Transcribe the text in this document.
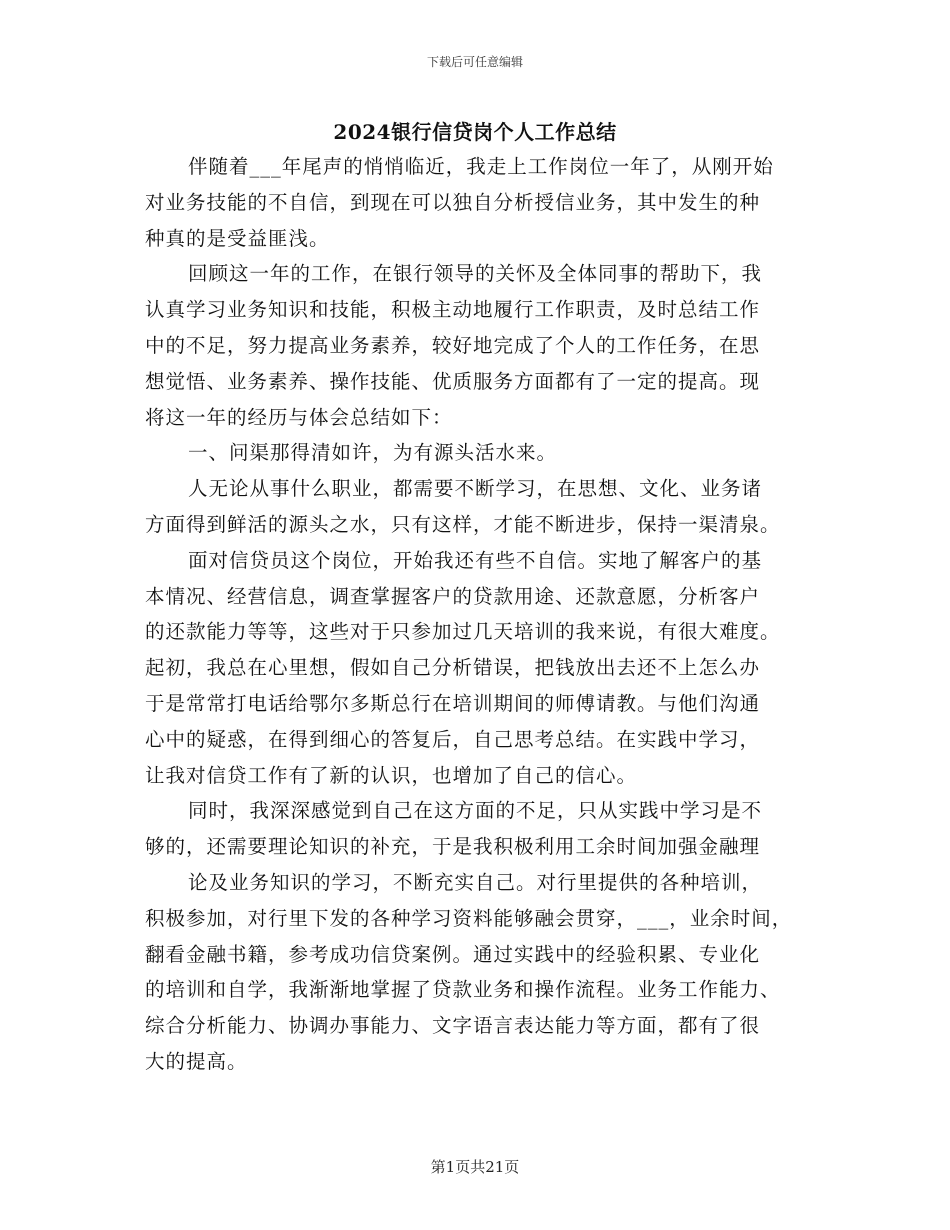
下载后可任意编辑
2024银行信贷岗个人工作总结
伴随着___年尾声的悄悄临近，我走上工作岗位一年了，从刚开始
对业务技能的不自信，到现在可以独自分析授信业务，其中发生的种
种真的是受益匪浅。
回顾这一年的工作，在银行领导的关怀及全体同事的帮助下，我
认真学习业务知识和技能，积极主动地履行工作职责，及时总结工作
中的不足，努力提高业务素养，较好地完成了个人的工作任务，在思
想觉悟、业务素养、操作技能、优质服务方面都有了一定的提高。现
将这一年的经历与体会总结如下：
一、问渠那得清如许，为有源头活水来。
人无论从事什么职业，都需要不断学习，在思想、文化、业务诸
方面得到鲜活的源头之水，只有这样，才能不断进步，保持一渠清泉。
面对信贷员这个岗位，开始我还有些不自信。实地了解客户的基
本情况、经营信息，调查掌握客户的贷款用途、还款意愿，分析客户
的还款能力等等，这些对于只参加过几天培训的我来说，有很大难度。
起初，我总在心里想，假如自己分析错误，把钱放出去还不上怎么办
于是常常打电话给鄂尔多斯总行在培训期间的师傅请教。与他们沟通
心中的疑惑，在得到细心的答复后，自己思考总结。在实践中学习，
让我对信贷工作有了新的认识，也增加了自己的信心。
同时，我深深感觉到自己在这方面的不足，只从实践中学习是不
够的，还需要理论知识的补充，于是我积极利用工余时间加强金融理
论及业务知识的学习，不断充实自己。对行里提供的各种培训，
积极参加，对行里下发的各种学习资料能够融会贯穿，___，业余时间，
翻看金融书籍，参考成功信贷案例。通过实践中的经验积累、专业化
的培训和自学，我渐渐地掌握了贷款业务和操作流程。业务工作能力、
综合分析能力、协调办事能力、文字语言表达能力等方面，都有了很
大的提高。
第1页共21页
